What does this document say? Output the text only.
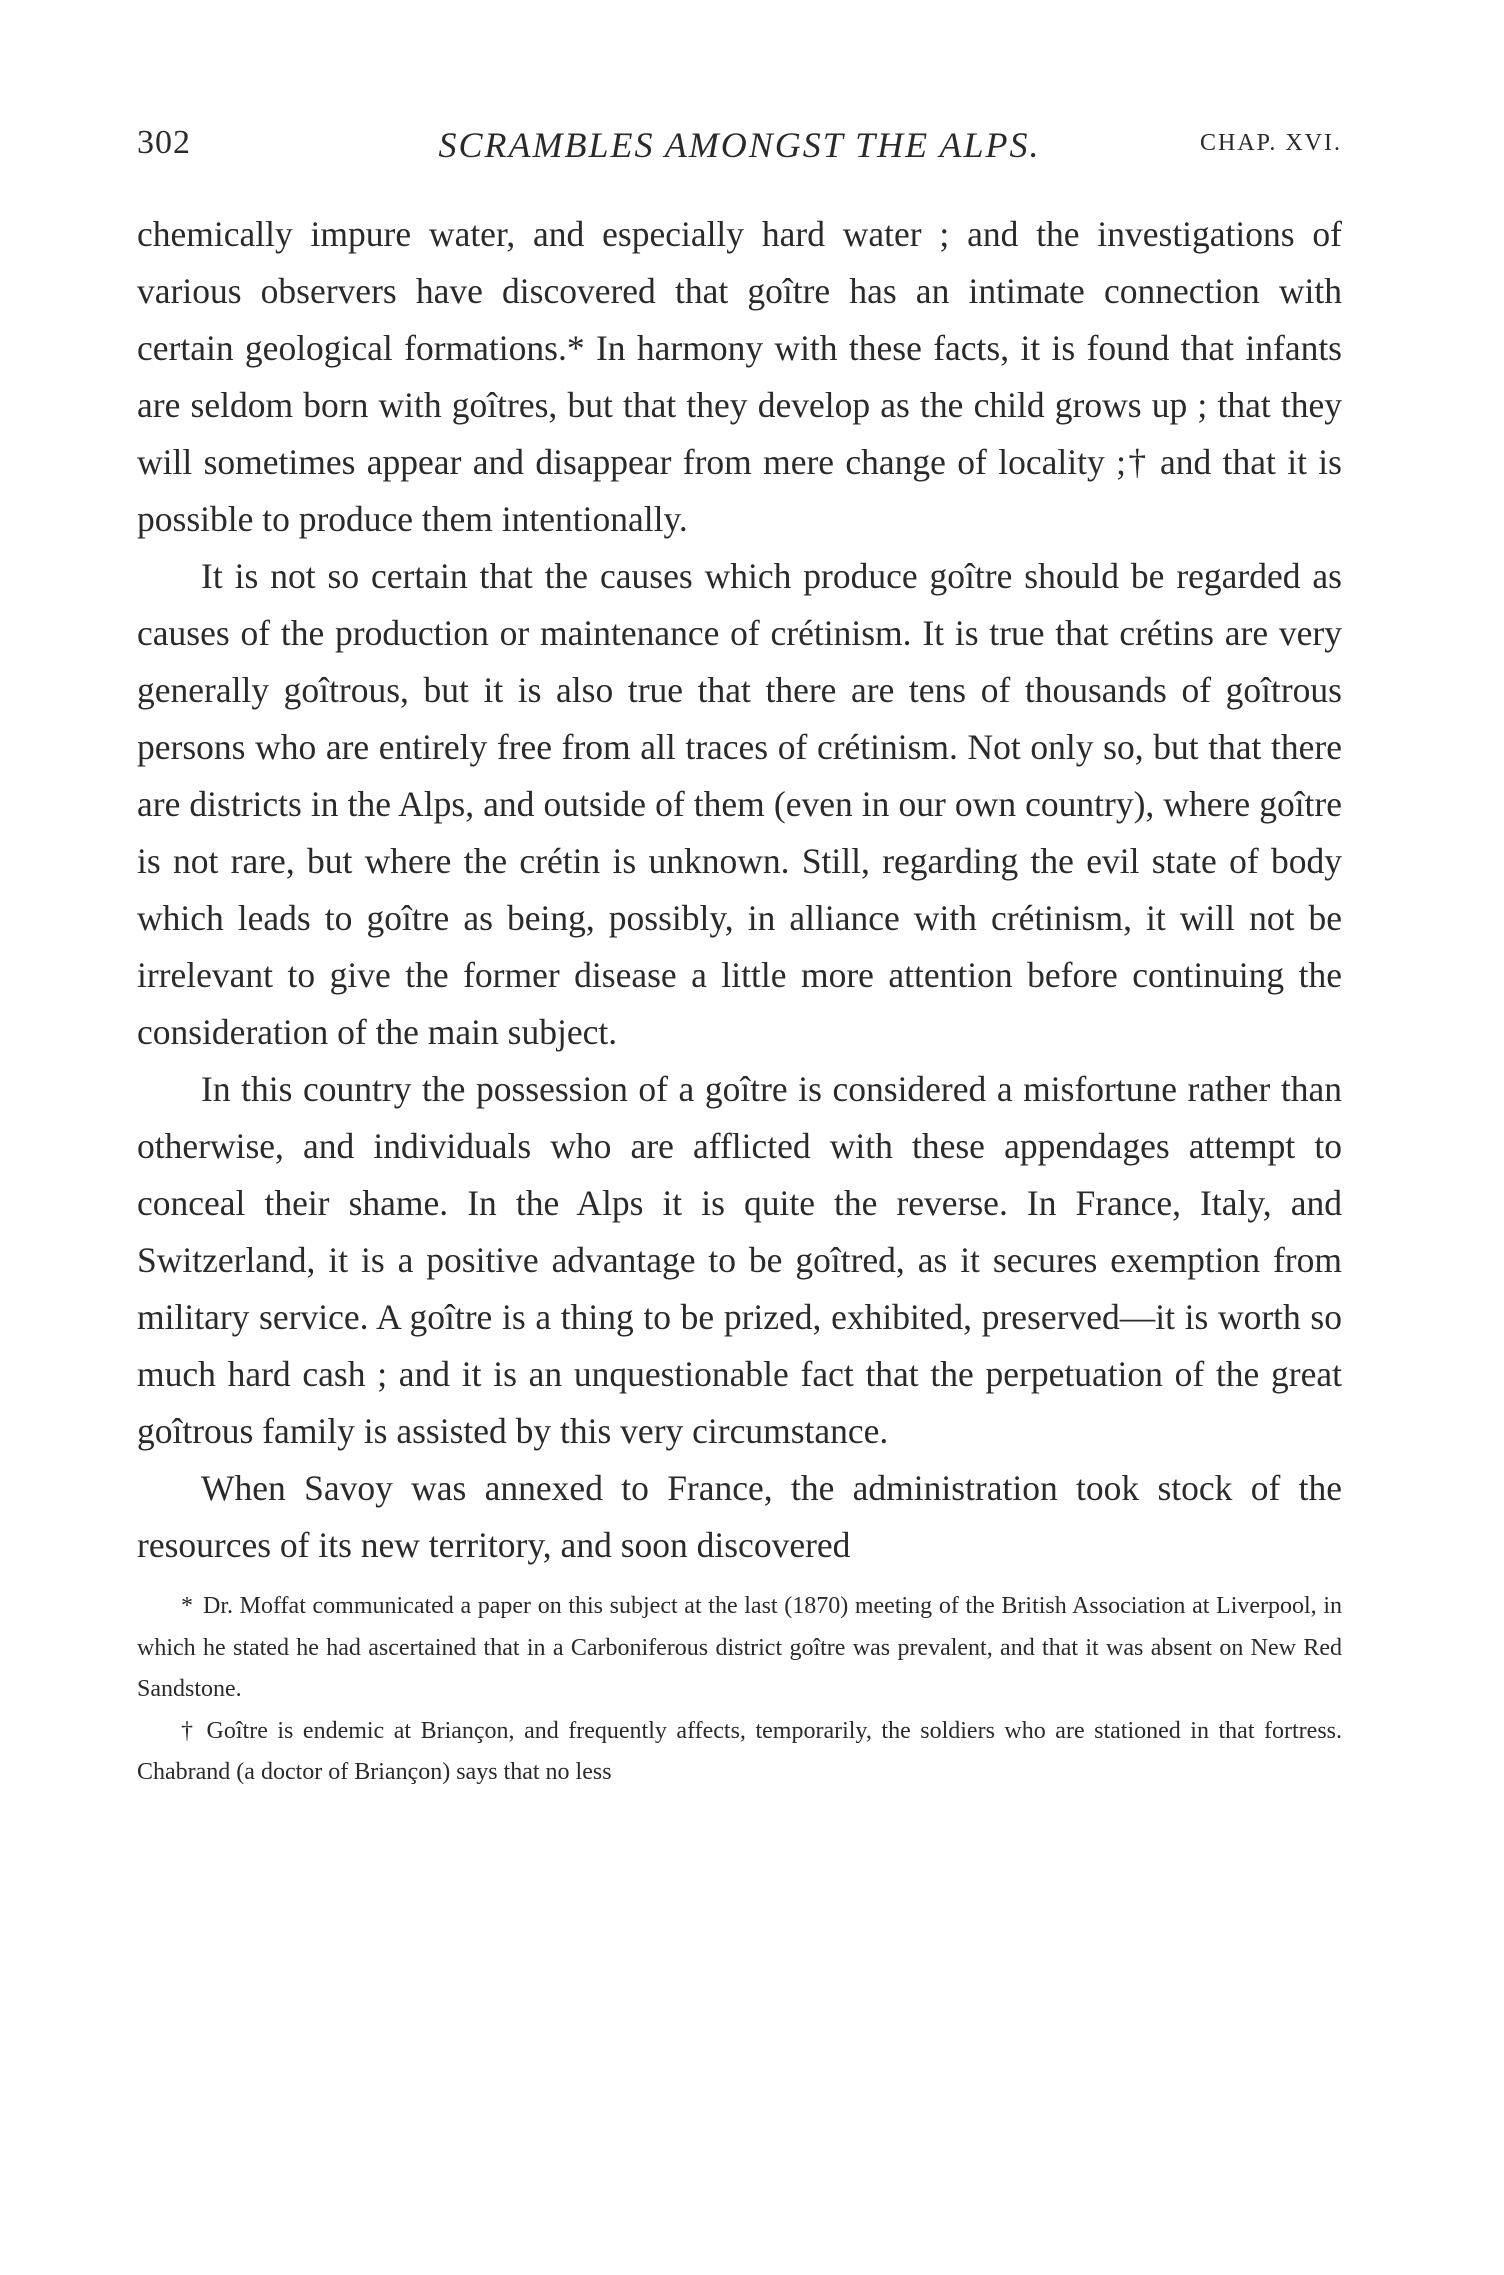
302	SCRAMBLES AMONGST THE ALPS.	CHAP. XVI.

chemically impure water, and especially hard water ; and the investigations of various observers have discovered that goître has an intimate connection with certain geological formations.* In harmony with these facts, it is found that infants are seldom born with goîtres, but that they develop as the child grows up ; that they will sometimes appear and disappear from mere change of locality ;† and that it is possible to produce them intentionally.

It is not so certain that the causes which produce goître should be regarded as causes of the production or maintenance of crétinism. It is true that crétins are very generally goîtrous, but it is also true that there are tens of thousands of goîtrous persons who are entirely free from all traces of crétinism. Not only so, but that there are districts in the Alps, and outside of them (even in our own country), where goître is not rare, but where the crétin is unknown. Still, regarding the evil state of body which leads to goître as being, possibly, in alliance with crétinism, it will not be irrelevant to give the former disease a little more attention before continuing the consideration of the main subject.

In this country the possession of a goître is considered a misfortune rather than otherwise, and individuals who are afflicted with these appendages attempt to conceal their shame. In the Alps it is quite the reverse. In France, Italy, and Switzerland, it is a positive advantage to be goîtred, as it secures exemption from military service. A goître is a thing to be prized, exhibited, preserved—it is worth so much hard cash ; and it is an unquestionable fact that the perpetuation of the great goîtrous family is assisted by this very circumstance.

When Savoy was annexed to France, the administration took stock of the resources of its new territory, and soon discovered

* Dr. Moffat communicated a paper on this subject at the last (1870) meeting of the British Association at Liverpool, in which he stated he had ascertained that in a Carboniferous district goître was prevalent, and that it was absent on New Red Sandstone.

† Goître is endemic at Briançon, and frequently affects, temporarily, the soldiers who are stationed in that fortress. Chabrand (a doctor of Briançon) says that no less
